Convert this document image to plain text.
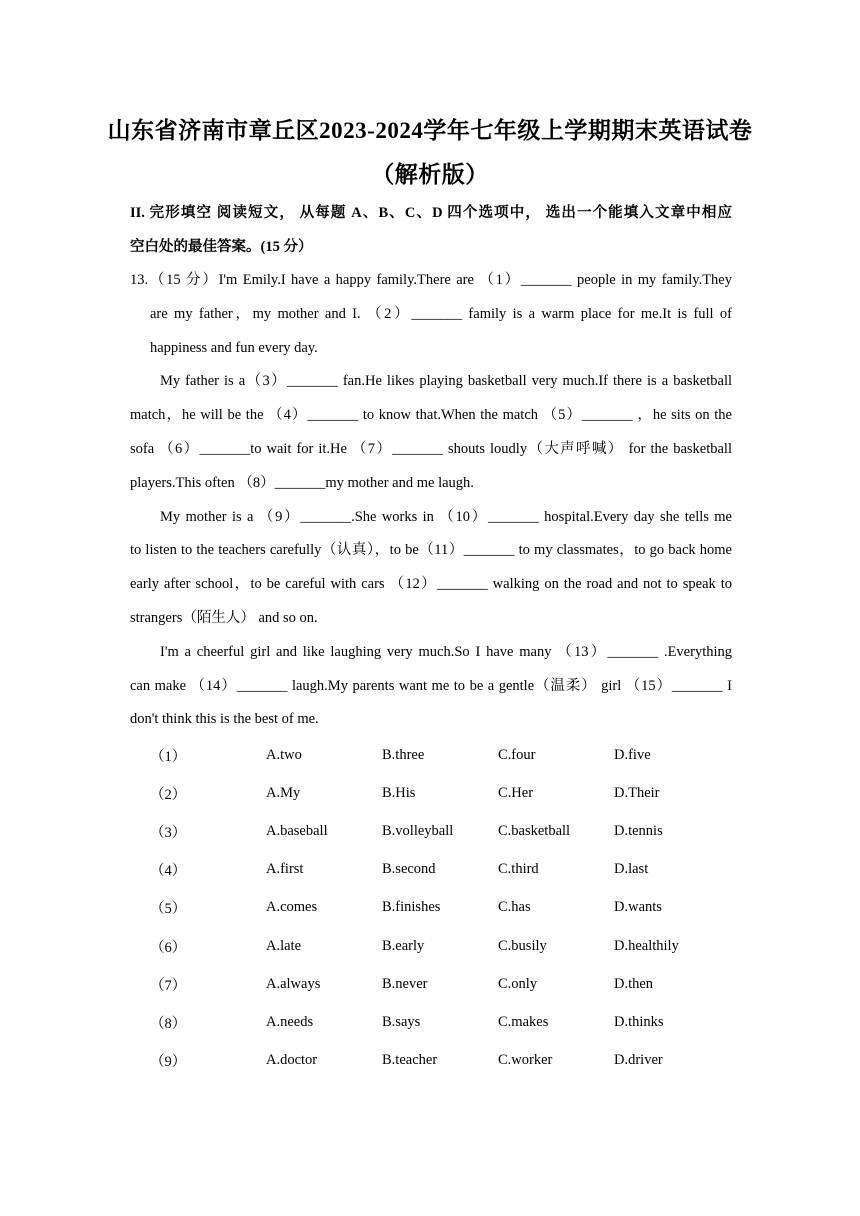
山东省济南市章丘区2023-2024学年七年级上学期期末英语试卷
（解析版）
II. 完形填空 阅读短文， 从每题 A、B、C、D 四个选项中， 选出一个能填入文章中相应
空白处的最佳答案。(15 分）
13.（15 分）I'm Emily.I have a happy family.There are （1）_______ people in my family.They
are my father，my mother and I. （2）_______ family is a warm place for me.It is full of
happiness and fun every day.
My father is a（3）_______ fan.He likes playing basketball very much.If there is a basketball
match，he will be the （4）_______ to know that.When the match （5）_______ ，he sits on the
sofa （6）_______to wait for it.He （7）_______ shouts loudly（大声呼喊） for the basketball
players.This often （8）_______my mother and me laugh.
My mother is a （9）_______.She works in （10）_______ hospital.Every day she tells me
to listen to the teachers carefully（认真），to be（11）_______ to my classmates，to go back home
early after school，to be careful with cars （12）_______ walking on the road and not to speak to
strangers（陌生人） and so on.
I'm a cheerful girl and like laughing very much.So I have many （13）_______ .Everything
can make （14）_______ laugh.My parents want me to be a gentle（温柔） girl （15）_______ I
don't think this is the best of me.
（1）	A.two	B.three	C.four	D.five
（2）	A.My	B.His	C.Her	D.Their
（3）	A.baseball	B.volleyball	C.basketball	D.tennis
（4）	A.first	B.second	C.third	D.last
（5）	A.comes	B.finishes	C.has	D.wants
（6）	A.late	B.early	C.busily	D.healthily
（7）	A.always	B.never	C.only	D.then
（8）	A.needs	B.says	C.makes	D.thinks
（9）	A.doctor	B.teacher	C.worker	D.driver
